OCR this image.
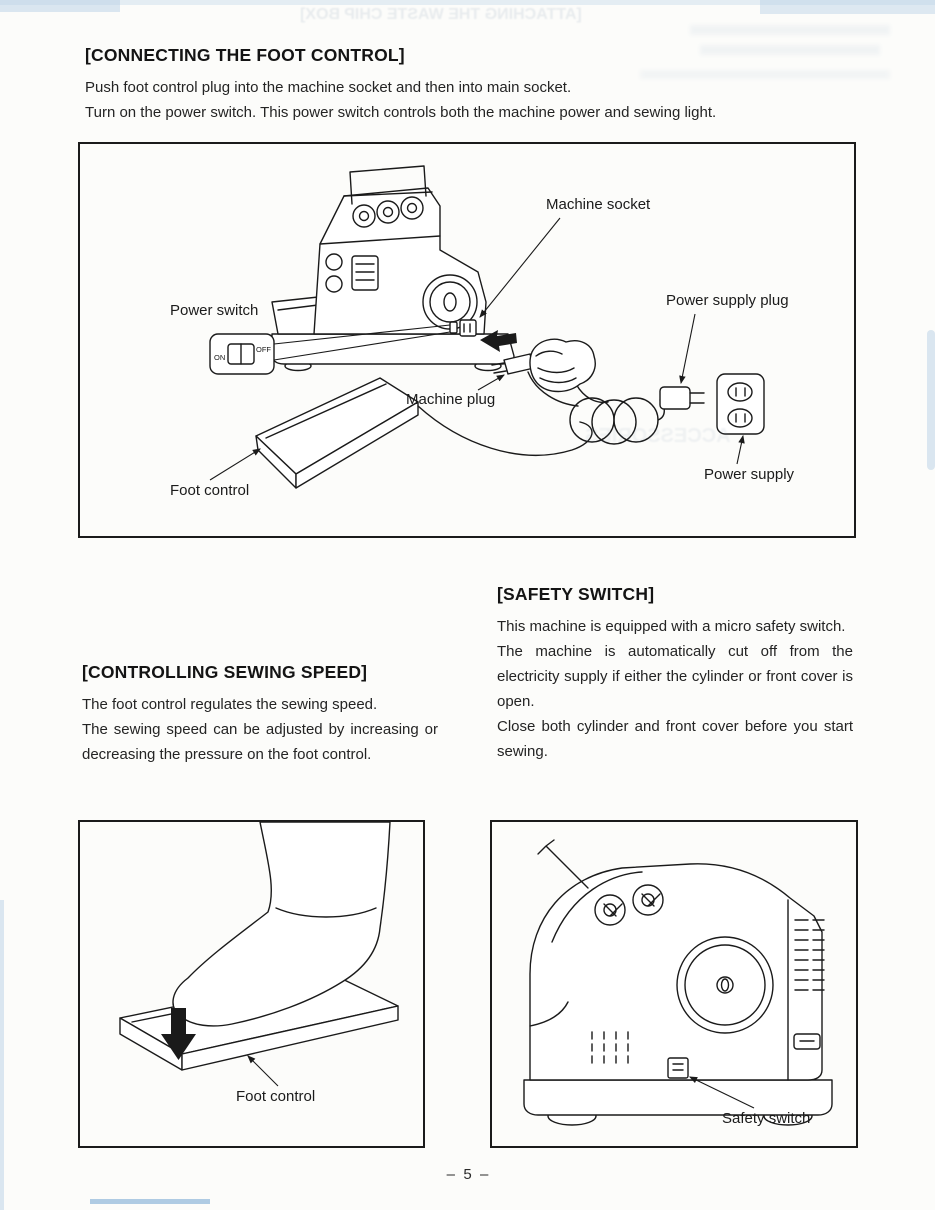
[ATTACHING THE WASTE CHIP BOX]
[CONNECTING THE FOOT CONTROL]

Push foot control plug into the machine socket and then into main socket.

Turn on the power switch. This power switch controls both the machine power and sewing light.

ON
OFF
Machine socket
Power switch
Power supply plug
Machine plug
Foot control
Power supply
[SAFETY SWITCH]

This machine is equipped with a micro safety switch.

The machine is automatically cut off from the electricity supply if either the cylinder or front cover is open.

Close both cylinder and front cover before you start sewing.

[CONTROLLING SEWING SPEED]

The foot control regulates the sewing speed.

The sewing speed can be adjusted by increasing or decreasing the pressure on the foot control.

Foot control
Safety switch
–  5  –
